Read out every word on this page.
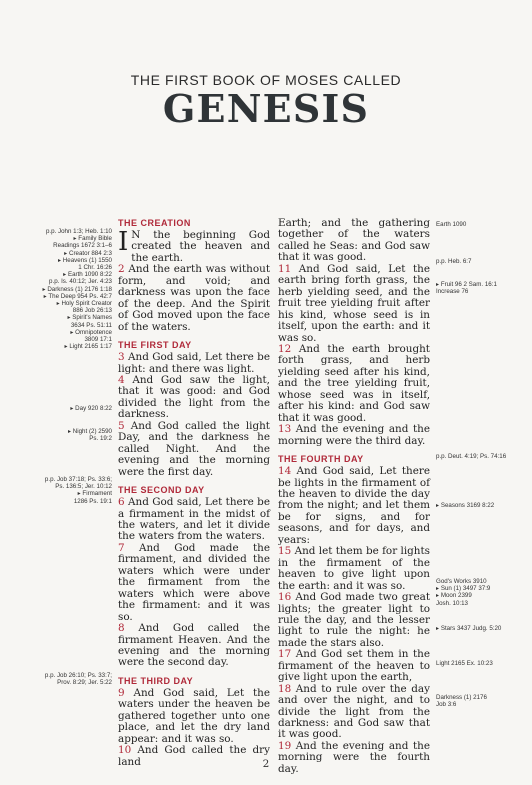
THE FIRST BOOK OF MOSES CALLED
GENESIS
THE CREATION

I N the beginning God created the heaven and the earth.

2 And the earth was without form, and void; and darkness was upon the face of the deep. And the Spirit of God moved upon the face of the waters.

THE FIRST DAY

3 And God said, Let there be light: and there was light.

4 And God saw the light, that it was good: and God divided the light from the darkness.

5 And God called the light Day, and the darkness he called Night. And the evening and the morning were the first day.

THE SECOND DAY

6 And God said, Let there be a firmament in the midst of the waters, and let it divide the waters from the waters.

7 And God made the firmament, and divided the waters which were under the firmament from the waters which were above the firmament: and it was so.

8 And God called the firmament Heaven. And the evening and the morning were the second day.

THE THIRD DAY

9 And God said, Let the waters under the heaven be gathered together unto one place, and let the dry land appear: and it was so.

10 And God called the dry land

Earth; and the gathering together of the waters called he Seas: and God saw that it was good.

11 And God said, Let the earth bring forth grass, the herb yielding seed, and the fruit tree yielding fruit after his kind, whose seed is in itself, upon the earth: and it was so.

12 And the earth brought forth grass, and herb yielding seed after his kind, and the tree yielding fruit, whose seed was in itself, after his kind: and God saw that it was good.

13 And the evening and the morning were the third day.

THE FOURTH DAY

14 And God said, Let there be lights in the firmament of the heaven to divide the day from the night; and let them be for signs, and for seasons, and for days, and years:

15 And let them be for lights in the firmament of the heaven to give light upon the earth: and it was so.

16 And God made two great lights; the greater light to rule the day, and the lesser light to rule the night: he made the stars also.

17 And God set them in the firmament of the heaven to give light upon the earth,

18 And to rule over the day and over the night, and to divide the light from the darkness: and God saw that it was good.

19 And the evening and the morning were the fourth day.

p.p. John 1:3; Heb. 1:10
▸ Family Bible
Readings 1672 3:1–6
▸ Creator 884 2:3
▸ Heavens (1) 1550
1 Chr. 16:26
▸ Earth 1090 8:22
p.p. Is. 40:12; Jer. 4:23
▸ Darkness (1) 2176 1:18
▸ The Deep 954 Ps. 42:7
▸ Holy Spirit Creator
886 Job 26:13
▸ Spirit's Names
3634 Ps. 51:11
▸ Omnipotence
3809 17:1
▸ Light 2165 1:17
▸ Day 920 8:22
▸ Night (2) 2590
Ps. 19:2
p.p. Job 37:18; Ps. 33:6;
Ps. 136:5; Jer. 10:12
▸ Firmament
1286 Ps. 19:1
p.p. Job 26:10; Ps. 33:7;
Prov. 8:29; Jer. 5:22
Earth 1090
p.p. Heb. 6:7
▸ Fruit 96 2 Sam. 16:1
Increase 76
p.p. Deut. 4:19; Ps. 74:16
▸ Seasons 3169 8:22
God's Works 3910
▸ Sun (1) 3497 37:9
▸ Moon 2399
Josh. 10:13
▸ Stars 3437 Judg. 5:20
Light 2165 Ex. 10:23
Darkness (1) 2176
Job 3:6
2
